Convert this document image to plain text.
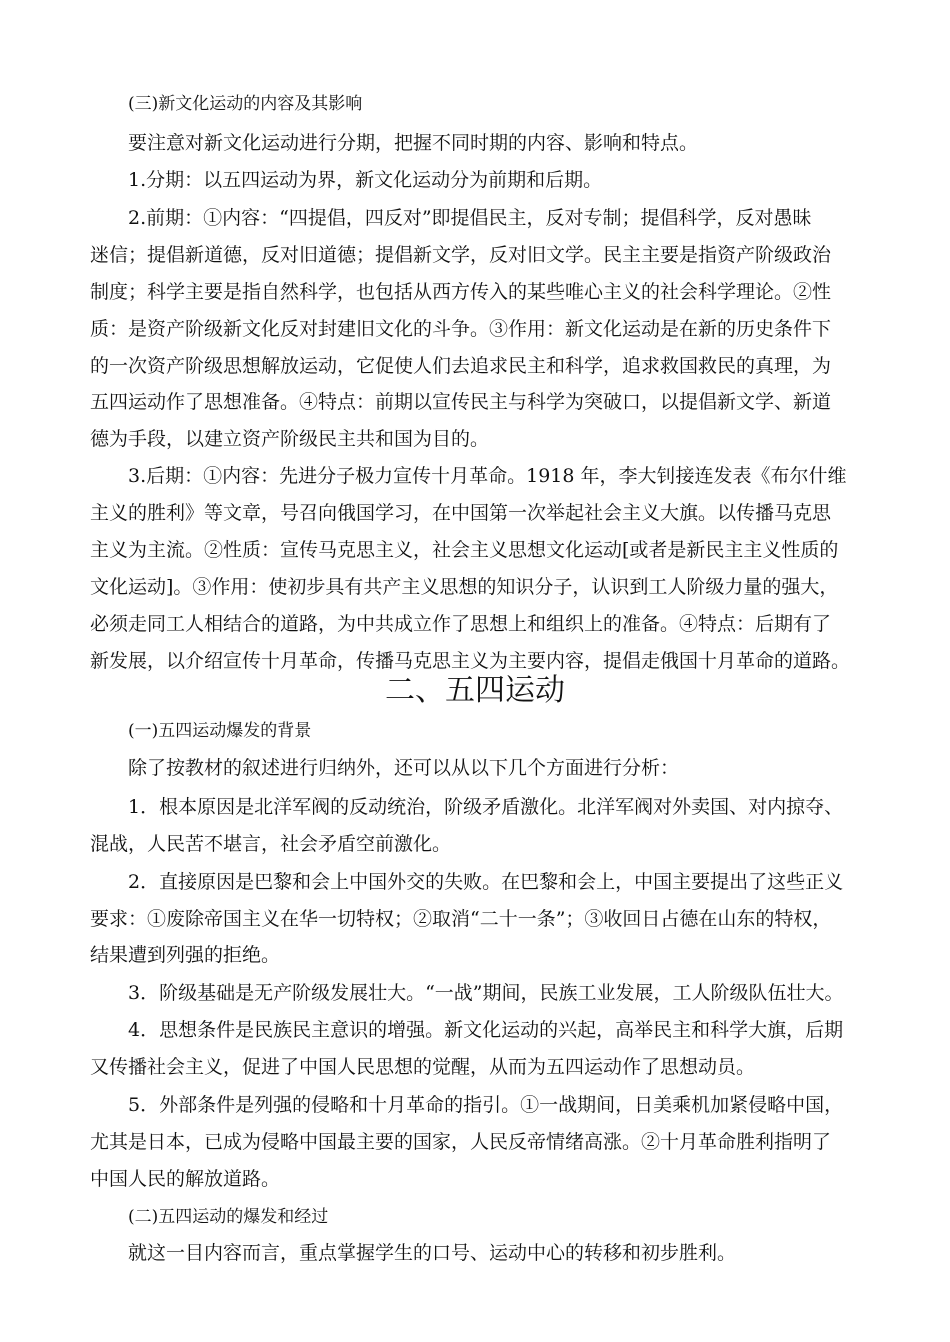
(三)新文化运动的内容及其影响
要注意对新文化运动进行分期，把握不同时期的内容、影响和特点。
1.分期：以五四运动为界，新文化运动分为前期和后期。
2.前期：①内容：“四提倡，四反对”即提倡民主，反对专制；提倡科学，反对愚昧
迷信；提倡新道德，反对旧道德；提倡新文学，反对旧文学。民主主要是指资产阶级政治
制度；科学主要是指自然科学，也包括从西方传入的某些唯心主义的社会科学理论。②性
质：是资产阶级新文化反对封建旧文化的斗争。③作用：新文化运动是在新的历史条件下
的一次资产阶级思想解放运动，它促使人们去追求民主和科学，追求救国救民的真理，为
五四运动作了思想准备。④特点：前期以宣传民主与科学为突破口，以提倡新文学、新道
德为手段，以建立资产阶级民主共和国为目的。
3.后期：①内容：先进分子极力宣传十月革命。1918 年，李大钊接连发表《布尔什维
主义的胜利》等文章，号召向俄国学习，在中国第一次举起社会主义大旗。以传播马克思
主义为主流。②性质：宣传马克思主义，社会主义思想文化运动[或者是新民主主义性质的
文化运动]。③作用：使初步具有共产主义思想的知识分子，认识到工人阶级力量的强大，
必须走同工人相结合的道路，为中共成立作了思想上和组织上的准备。④特点：后期有了
新发展，以介绍宣传十月革命，传播马克思主义为主要内容，提倡走俄国十月革命的道路。
二、五四运动
(一)五四运动爆发的背景
除了按教材的叙述进行归纳外，还可以从以下几个方面进行分析：
1．根本原因是北洋军阀的反动统治，阶级矛盾激化。北洋军阀对外卖国、对内掠夺、
混战，人民苦不堪言，社会矛盾空前激化。
2．直接原因是巴黎和会上中国外交的失败。在巴黎和会上，中国主要提出了这些正义
要求：①废除帝国主义在华一切特权；②取消“二十一条”；③收回日占德在山东的特权，
结果遭到列强的拒绝。
3．阶级基础是无产阶级发展壮大。“一战”期间，民族工业发展，工人阶级队伍壮大。
4．思想条件是民族民主意识的增强。新文化运动的兴起，高举民主和科学大旗，后期
又传播社会主义，促进了中国人民思想的觉醒，从而为五四运动作了思想动员。
5．外部条件是列强的侵略和十月革命的指引。①一战期间，日美乘机加紧侵略中国，
尤其是日本，已成为侵略中国最主要的国家，人民反帝情绪高涨。②十月革命胜利指明了
中国人民的解放道路。
(二)五四运动的爆发和经过
就这一目内容而言，重点掌握学生的口号、运动中心的转移和初步胜利。
